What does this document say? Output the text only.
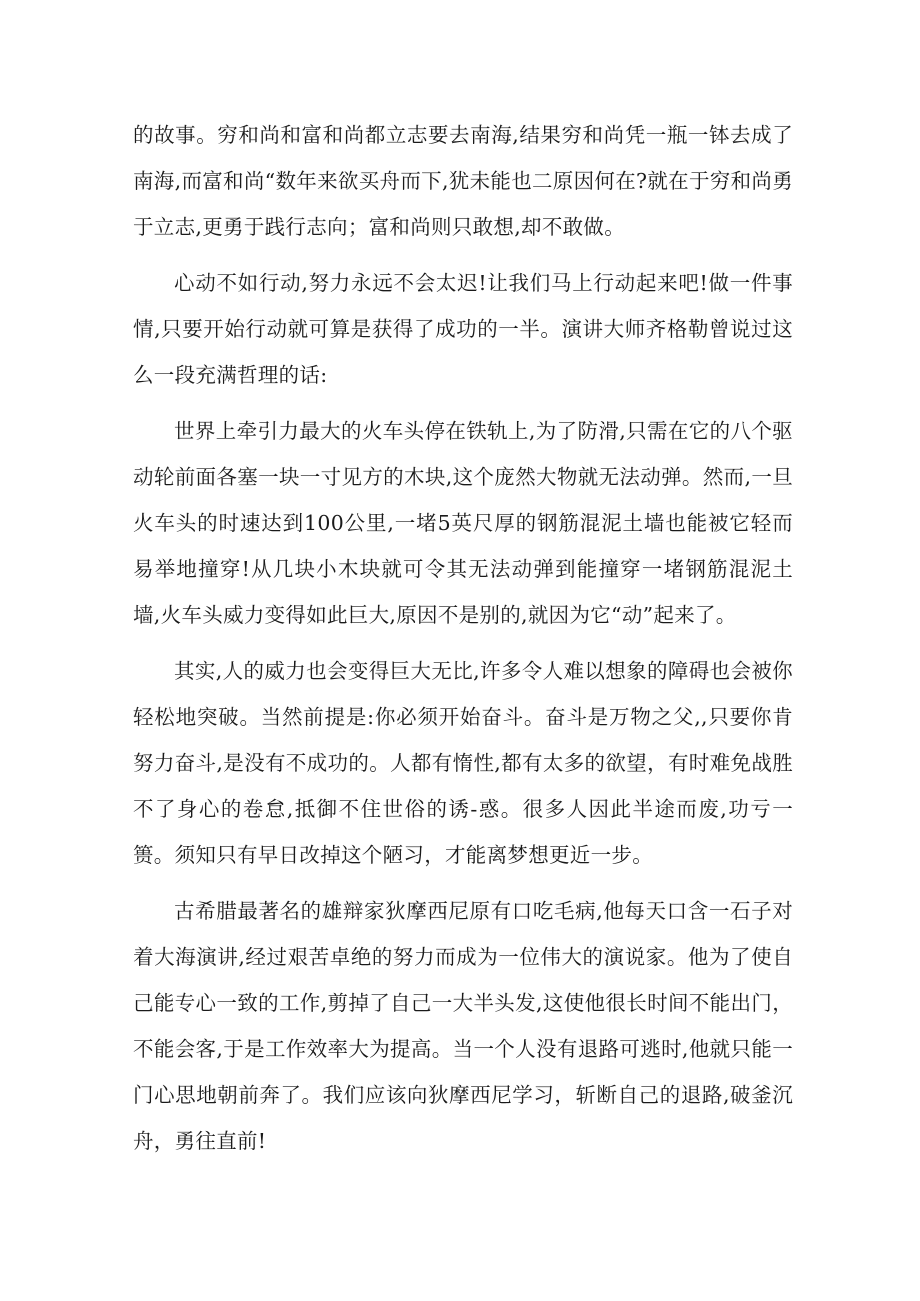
的故事。穷和尚和富和尚都立志要去南海,结果穷和尚凭一瓶一钵去成了南海,而富和尚“数年来欲买舟而下,犹未能也二原因何在?就在于穷和尚勇于立志,更勇于践行志向；富和尚则只敢想,却不敢做。

心动不如行动,努力永远不会太迟!让我们马上行动起来吧!做一件事情,只要开始行动就可算是获得了成功的一半。演讲大师齐格勒曾说过这么一段充满哲理的话:

世界上牵引力最大的火车头停在铁轨上,为了防滑,只需在它的八个驱动轮前面各塞一块一寸见方的木块,这个庞然大物就无法动弹。然而,一旦火车头的时速达到100公里,一堵5英尺厚的钢筋混泥土墙也能被它轻而易举地撞穿!从几块小木块就可令其无法动弹到能撞穿一堵钢筋混泥土墙,火车头威力变得如此巨大,原因不是别的,就因为它“动”起来了。

其实,人的威力也会变得巨大无比,许多令人难以想象的障碍也会被你轻松地突破。当然前提是:你必须开始奋斗。奋斗是万物之父,,只要你肯努力奋斗,是没有不成功的。人都有惰性,都有太多的欲望，有时难免战胜不了身心的卷怠,抵御不住世俗的诱-惑。很多人因此半途而废,功亏一篑。须知只有早日改掉这个陋习，才能离梦想更近一步。

古希腊最著名的雄辩家狄摩西尼原有口吃毛病,他每天口含一石子对着大海演讲,经过艰苦卓绝的努力而成为一位伟大的演说家。他为了使自己能专心一致的工作,剪掉了自己一大半头发,这使他很长时间不能出门，不能会客,于是工作效率大为提高。当一个人没有退路可逃时,他就只能一门心思地朝前奔了。我们应该向狄摩西尼学习，斩断自己的退路,破釜沉舟，勇往直前!
